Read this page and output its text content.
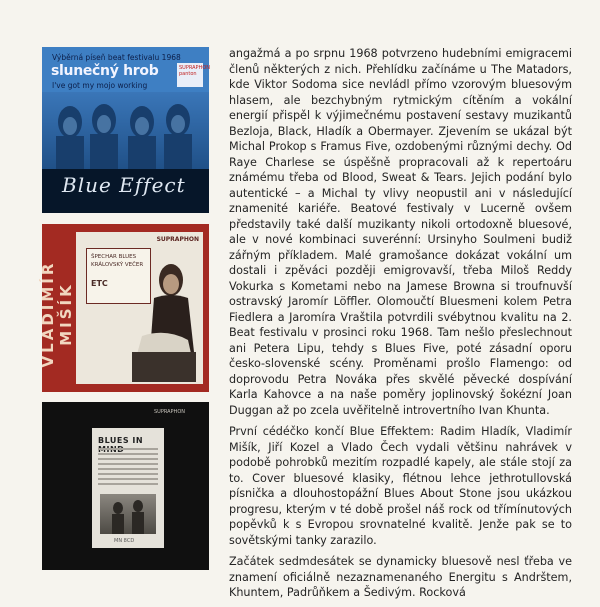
Výběrná píseň beat festivalu 1968
slunečný hrob
I've got my mojo working
SUPRAPHON panton
Blue Effect
VLADIMÍR MIŠÍK
ŠPECHAR BLUES
KRÁLOVSKÝ VEČER
ETC
SUPRAPHON
SUPRAPHON
BLUES IN
MN 8CD

angažmá a po srpnu 1968 potvrzeno hudebními emigracemi členů některých z nich. Přehlídku začínáme u The Matadors, kde Viktor Sodoma sice nevládl přímo vzorovým bluesovým hlasem, ale bezchybným rytmickým cítěním a vokální energií přispěl k výjimečnému postavení sestavy muzikantů Bezloja, Black, Hladík a Obermayer. Zjevením se ukázal být Michal Prokop s Framus Five, ozdobenými různými dechy. Od Raye Charlese se úspěšně propracovali až k repertoáru známému třeba od Blood, Sweat & Tears. Jejich podání bylo autentické – a Michal ty vlivy neopustil ani v následující znamenité kariéře. Beatové festivaly v Lucerně ovšem představily také další muzikanty nikoli ortodoxně bluesové, ale v nové kombinaci suverénní: Ursinyho Soulmeni budiž zářným příkladem. Malé gramošance dokázat vokální um dostali i zpěváci později emigrovavší, třeba Miloš Reddy Vokurka s Kometami nebo na Jamese Browna si troufnuvší ostravský Jaromír Löffler. Olomoučtí Bluesmeni kolem Petra Fiedlera a Jaromíra Vraštila potvrdili svébytnou kvalitu na 2. Beat festivalu v prosinci roku 1968. Tam nešlo přeslechnout ani Petera Lipu, tehdy s Blues Five, poté zásadní oporu česko-slovenské scény. Proměnami prošlo Flamengo: od doprovodu Petra Nováka přes skvělé pěvecké dospívání Karla Kahovce a na naše poměry joplinovský šokézní Joan Duggan až po zcela uvěřitelně introvertního Ivan Khunta.

První cédéčko končí Blue Effektem: Radim Hladík, Vladimír Mišík, Jiří Kozel a Vlado Čech vydali většinu nahrávek v podobě pohrobků mezitím rozpadlé kapely, ale stále stojí za to. Cover bluesové klasiky, flétnou lehce jethrotullovská písnička a dlouhostopážní Blues About Stone jsou ukázkou progresu, kterým v té době prošel náš rock od třímínutových popěvků k s Evropou srovnatelné kvalitě. Jenže pak se to sovětskými tanky zarazilo.

Začátek sedmdesátek se dynamicky bluesově nesl ťřeba ve znamení oficiálně nezaznamenaného Energitu s Andrštem, Khuntem, Padrůňkem a Šedivým. Rocková
